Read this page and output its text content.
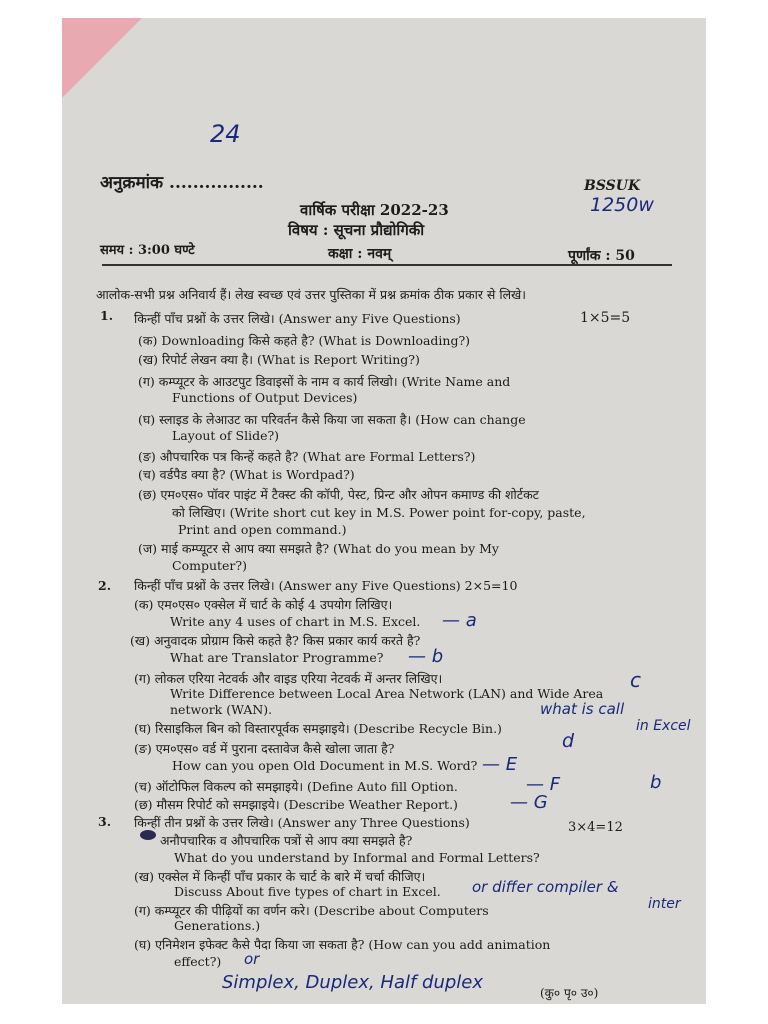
24
अनुक्रमांक ................	BSSUK
1250w
वार्षिक परीक्षा 2022-23
विषय : सूचना प्रौद्योगिकी
समय : 3:00 घण्टे	कक्षा : नवम्	पूर्णांक : 50
आलोक-सभी प्रश्न अनिवार्य हैं। लेख स्वच्छ एवं उत्तर पुस्तिका में प्रश्न क्रमांक ठीक प्रकार से लिखे।
1. किन्हीं पाँच प्रश्नों के उत्तर लिखे। (Answer any Five Questions)	1×5=5
(क) Downloading किसे कहते है? (What is Downloading?)
(ख) रिपोर्ट लेखन क्या है। (What is Report Writing?)
(ग) कम्प्यूटर के आउटपुट डिवाइसों के नाम व कार्य लिखो। (Write Name and
Functions of Output Devices)
(घ) स्लाइड के लेआउट का परिवर्तन कैसे किया जा सकता है। (How can change
Layout of Slide?)
(ङ) औपचारिक पत्र किन्हें कहते है? (What are Formal Letters?)
(च) वर्डपैड क्या है? (What is Wordpad?)
(छ) एम०एस० पॉवर पाइंट में टैक्स्ट की कॉपी, पेस्ट, प्रिन्ट और ओपन कमाण्ड की शोर्टकट
को लिखिए। (Write short cut key in M.S. Power point for-copy, paste,
Print and open command.)
(ज) माई कम्प्यूटर से आप क्या समझते है? (What do you mean by My
Computer?)
2. किन्हीं पाँच प्रश्नों के उत्तर लिखे। (Answer any Five Questions) 2×5=10
(क) एम०एस० एक्सेल में चार्ट के कोई 4 उपयोग लिखिए।
Write any 4 uses of chart in M.S. Excel. — a
(ख) अनुवादक प्रोग्राम किसे कहते है? किस प्रकार कार्य करते है?
What are Translator Programme? — b
(ग) लोकल एरिया नेटवर्क और वाइड एरिया नेटवर्क में अन्तर लिखिए।	c
Write Difference between Local Area Network (LAN) and Wide Area
network (WAN).	what is call
(घ) रिसाइकिल बिन को विस्तारपूर्वक समझाइये। (Describe Recycle Bin.)
d
in Excel
(ङ) एम०एस० वर्ड में पुराना दस्तावेज कैसे खोला जाता है?
How can you open Old Document in M.S. Word? — E
b
(च) ऑटोफिल विकल्प को समझाइये। (Define Auto fill Option.	— F
(छ) मौसम रिपोर्ट को समझाइये। (Describe Weather Report.)	— G
3. किन्हीं तीन प्रश्नों के उत्तर लिखे। (Answer any Three Questions)	3×4=12
अनौपचारिक व औपचारिक पत्रों से आप क्या समझते है?
What do you understand by Informal and Formal Letters?
(ख) एक्सेल में किन्हीं पाँच प्रकार के चार्ट के बारे में चर्चा कीजिए।
Discuss About five types of chart in Excel. or differ compiler &
inter
(ग) कम्प्यूटर की पीढ़ियों का वर्णन करे। (Describe about Computers
Generations.)
(घ) एनिमेशन इफेक्ट कैसे पैदा किया जा सकता है? (How can you add animation
effect?) or
Simplex, Duplex, Half duplex	(कु० पृ० उ०)
